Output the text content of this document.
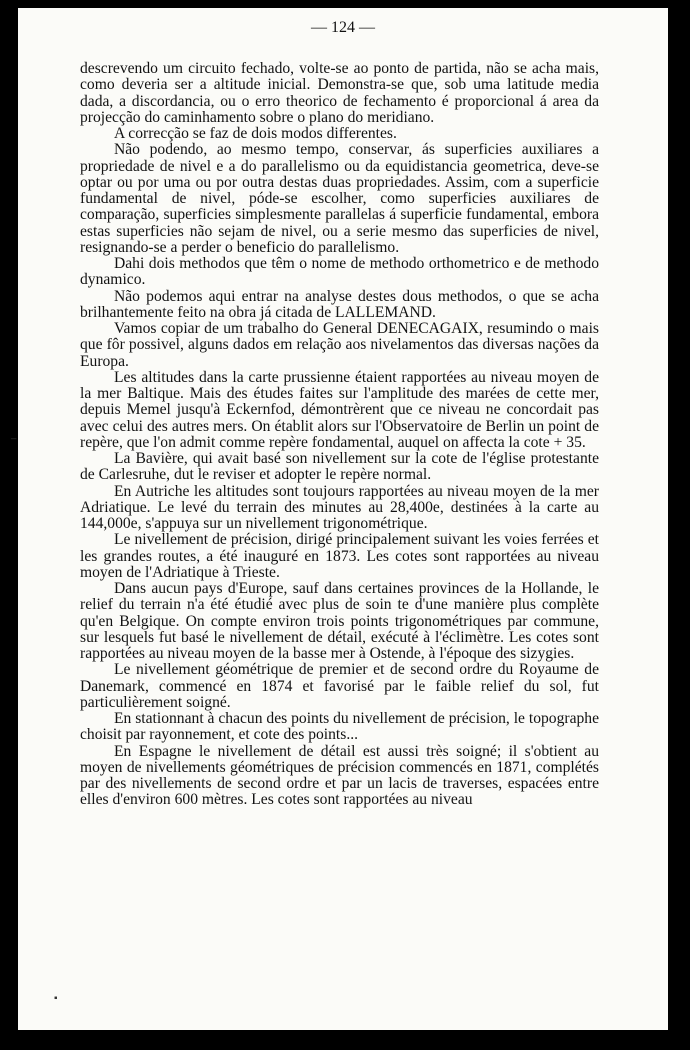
— 124 —

descrevendo um circuito fechado, volte-se ao ponto de partida, não se acha mais, como deveria ser a altitude inicial. Demonstra-se que, sob uma latitude media dada, a discordancia, ou o erro theorico de fechamento é proporcional á area da projecção do caminhamento sobre o plano do meridiano.

A correcção se faz de dois modos differentes.

Não podendo, ao mesmo tempo, conservar, ás superficies auxiliares a propriedade de nivel e a do parallelismo ou da equidistancia geometrica, deve-se optar ou por uma ou por outra destas duas propriedades. Assim, com a superficie fundamental de nivel, póde-se escolher, como superficies auxiliares de comparação, superficies simplesmente parallelas á superficie fundamental, embora estas superficies não sejam de nivel, ou a serie mesmo das superficies de nivel, resignando-se a perder o beneficio do parallelismo.

Dahi dois methodos que têm o nome de methodo orthometrico e de methodo dynamico.

Não podemos aqui entrar na analyse destes dous methodos, o que se acha brilhantemente feito na obra já citada de LALLEMAND.

Vamos copiar de um trabalho do General DENECAGAIX, resumindo o mais que fôr possivel, alguns dados em relação aos nivelamentos das diversas nações da Europa.

Les altitudes dans la carte prussienne étaient rapportées au niveau moyen de la mer Baltique. Mais des études faites sur l'amplitude des marées de cette mer, depuis Memel jusqu'à Eckernfod, démontrèrent que ce niveau ne concordait pas avec celui des autres mers. On établit alors sur l'Observatoire de Berlin un point de repère, que l'on admit comme repère fondamental, auquel on affecta la cote + 35.

La Bavière, qui avait basé son nivellement sur la cote de l'église protestante de Carlesruhe, dut le reviser et adopter le repère normal.

En Autriche les altitudes sont toujours rapportées au niveau moyen de la mer Adriatique. Le levé du terrain des minutes au 28,400e, destinées à la carte au 144,000e, s'appuya sur un nivellement trigonométrique.

Le nivellement de précision, dirigé principalement suivant les voies ferrées et les grandes routes, a été inauguré en 1873. Les cotes sont rapportées au niveau moyen de l'Adriatique à Trieste.

Dans aucun pays d'Europe, sauf dans certaines provinces de la Hollande, le relief du terrain n'a été étudié avec plus de soin te d'une manière plus complète qu'en Belgique. On compte environ trois points trigonométriques par commune, sur lesquels fut basé le nivellement de détail, exécuté à l'éclimètre. Les cotes sont rapportées au niveau moyen de la basse mer à Ostende, à l'époque des sizygies.

Le nivellement géométrique de premier et de second ordre du Royaume de Danemark, commencé en 1874 et favorisé par le faible relief du sol, fut particulièrement soigné.

En stationnant à chacun des points du nivellement de précision, le topographe choisit par rayonnement, et cote des points...

En Espagne le nivellement de détail est aussi très soigné; il s'obtient au moyen de nivellements géométriques de précision commencés en 1871, complétés par des nivellements de second ordre et par un lacis de traverses, espacées entre elles d'environ 600 mètres. Les cotes sont rapportées au niveau

⁻
▪
